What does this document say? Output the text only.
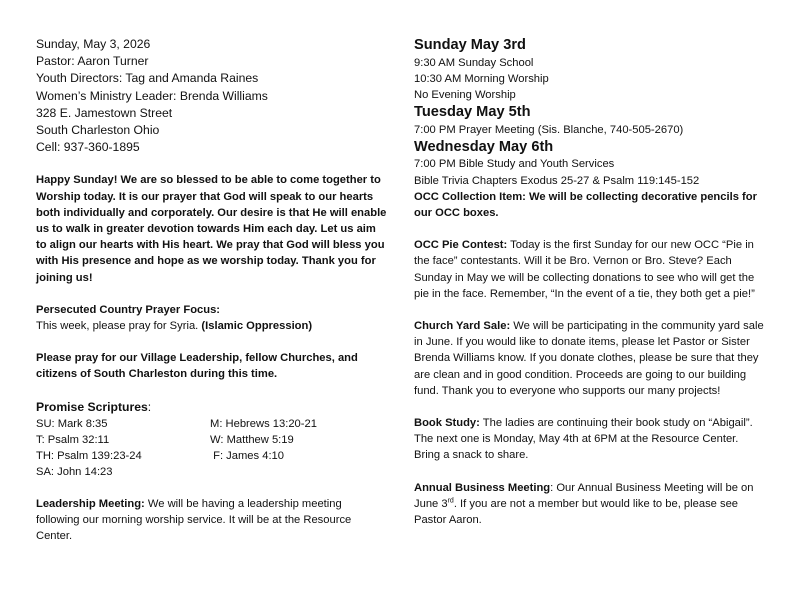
Sunday, May 3, 2026

Pastor: Aaron Turner

Youth Directors: Tag and Amanda Raines

Women’s Ministry Leader: Brenda Williams

328 E. Jamestown Street

South Charleston Ohio

Cell: 937-360-1895

Happy Sunday! We are so blessed to be able to come together to Worship today. It is our prayer that God will speak to our hearts both individually and corporately. Our desire is that He will enable us to walk in greater devotion towards Him each day. Let us aim to align our hearts with His heart. We pray that God will bless you with His presence and hope as we worship today. Thank you for joining us!

Persecuted Country Prayer Focus:

This week, please pray for Syria. (Islamic Oppression)

Please pray for our Village Leadership, fellow Churches, and citizens of South Charleston during this time.

Promise Scriptures:

SU: Mark 8:35	M: Hebrews 13:20-21
T: Psalm 32:11	W: Matthew 5:19
TH: Psalm 139:23-24	F: James 4:10
SA: John 14:23

Leadership Meeting: We will be having a leadership meeting following our morning worship service. It will be at the Resource Center.

Sunday May 3rd

9:30 AM Sunday School

10:30 AM Morning Worship

No Evening Worship

Tuesday May 5th

7:00 PM Prayer Meeting (Sis. Blanche, 740-505-2670)

Wednesday May 6th

7:00 PM Bible Study and Youth Services

Bible Trivia Chapters Exodus 25-27 & Psalm 119:145-152

OCC Collection Item: We will be collecting decorative pencils for our OCC boxes.

OCC Pie Contest: Today is the first Sunday for our new OCC “Pie in the face” contestants. Will it be Bro. Vernon or Bro. Steve? Each Sunday in May we will be collecting donations to see who will get the pie in the face. Remember, “In the event of a tie, they both get a pie!”

Church Yard Sale: We will be participating in the community yard sale in June. If you would like to donate items, please let Pastor or Sister Brenda Williams know. If you donate clothes, please be sure that they are clean and in good condition. Proceeds are going to our building fund. Thank you to everyone who supports our many projects!

Book Study: The ladies are continuing their book study on “Abigail”. The next one is Monday, May 4th at 6PM at the Resource Center. Bring a snack to share.

Annual Business Meeting: Our Annual Business Meeting will be on June 3rd. If you are not a member but would like to be, please see Pastor Aaron.
